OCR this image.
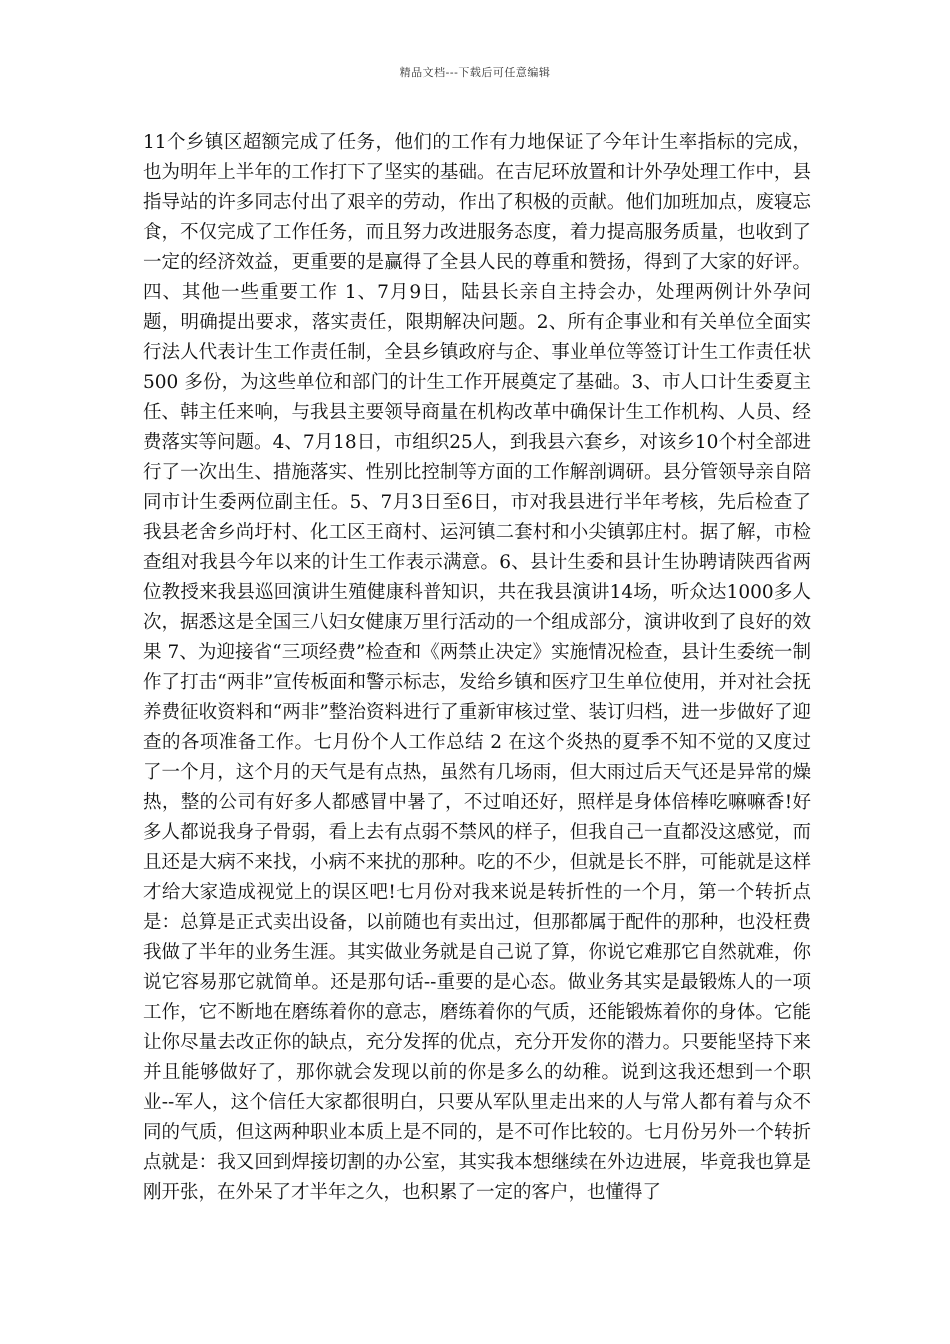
精品文档---下载后可任意编辑

11个乡镇区超额完成了任务，他们的工作有力地保证了今年计生率指标的完成，也为明年上半年的工作打下了坚实的基础。在吉尼环放置和计外孕处理工作中，县指导站的许多同志付出了艰辛的劳动，作出了积极的贡献。他们加班加点，废寝忘食，不仅完成了工作任务，而且努力改进服务态度，着力提高服务质量，也收到了一定的经济效益，更重要的是赢得了全县人民的尊重和赞扬，得到了大家的好评。四、其他一些重要工作 1、7月9日，陆县长亲自主持会办，处理两例计外孕问题，明确提出要求，落实责任，限期解决问题。2、所有企事业和有关单位全面实行法人代表计生工作责任制，全县乡镇政府与企、事业单位等签订计生工作责任状 500 多份，为这些单位和部门的计生工作开展奠定了基础。3、市人口计生委夏主任、韩主任来响，与我县主要领导商量在机构改革中确保计生工作机构、人员、经费落实等问题。4、7月18日，市组织25人，到我县六套乡，对该乡10个村全部进行了一次出生、措施落实、性别比控制等方面的工作解剖调研。县分管领导亲自陪同市计生委两位副主任。5、7月3日至6日，市对我县进行半年考核，先后检查了我县老舍乡尚圩村、化工区王商村、运河镇二套村和小尖镇郭庄村。据了解，市检查组对我县今年以来的计生工作表示满意。6、县计生委和县计生协聘请陕西省两位教授来我县巡回演讲生殖健康科普知识，共在我县演讲14场，听众达1000多人次，据悉这是全国三八妇女健康万里行活动的一个组成部分，演讲收到了良好的效果 7、为迎接省“三项经费”检查和《两禁止决定》实施情况检查，县计生委统一制作了打击“两非”宣传板面和警示标志，发给乡镇和医疗卫生单位使用，并对社会抚养费征收资料和“两非”整治资料进行了重新审核过堂、装订归档，进一步做好了迎查的各项准备工作。七月份个人工作总结 2 在这个炎热的夏季不知不觉的又度过了一个月，这个月的天气是有点热，虽然有几场雨，但大雨过后天气还是异常的燥热，整的公司有好多人都感冒中暑了，不过咱还好，照样是身体倍棒吃嘛嘛香!好多人都说我身子骨弱，看上去有点弱不禁风的样子，但我自己一直都没这感觉，而且还是大病不来找，小病不来扰的那种。吃的不少，但就是长不胖，可能就是这样才给大家造成视觉上的误区吧!七月份对我来说是转折性的一个月，第一个转折点是：总算是正式卖出设备，以前随也有卖出过，但那都属于配件的那种，也没枉费我做了半年的业务生涯。其实做业务就是自己说了算，你说它难那它自然就难，你说它容易那它就简单。还是那句话--重要的是心态。做业务其实是最锻炼人的一项工作，它不断地在磨练着你的意志，磨练着你的气质，还能锻炼着你的身体。它能让你尽量去改正你的缺点，充分发挥的优点，充分开发你的潜力。只要能坚持下来并且能够做好了，那你就会发现以前的你是多么的幼稚。说到这我还想到一个职业--军人，这个信任大家都很明白，只要从军队里走出来的人与常人都有着与众不同的气质，但这两种职业本质上是不同的，是不可作比较的。七月份另外一个转折点就是：我又回到焊接切割的办公室，其实我本想继续在外边进展，毕竟我也算是刚开张，在外呆了才半年之久，也积累了一定的客户，也懂得了
